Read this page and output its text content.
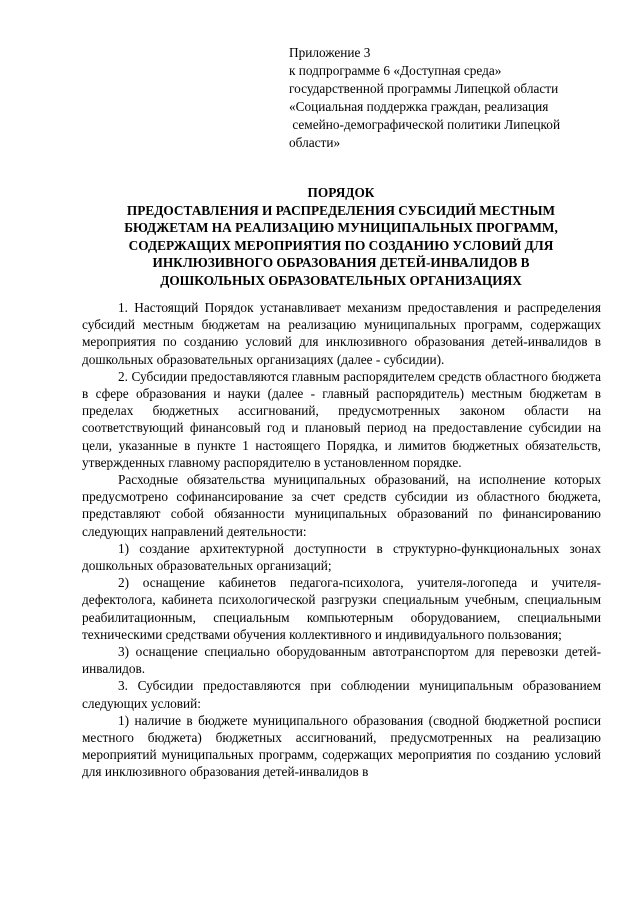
Приложение 3
к подпрограмме 6 «Доступная среда»
государственной программы Липецкой области
«Социальная поддержка граждан, реализация
семейно-демографической политики Липецкой
области»
ПОРЯДОК
ПРЕДОСТАВЛЕНИЯ И РАСПРЕДЕЛЕНИЯ СУБСИДИЙ МЕСТНЫМ
БЮДЖЕТАМ НА РЕАЛИЗАЦИЮ МУНИЦИПАЛЬНЫХ ПРОГРАММ,
СОДЕРЖАЩИХ МЕРОПРИЯТИЯ ПО СОЗДАНИЮ УСЛОВИЙ ДЛЯ
ИНКЛЮЗИВНОГО ОБРАЗОВАНИЯ ДЕТЕЙ-ИНВАЛИДОВ В
ДОШКОЛЬНЫХ ОБРАЗОВАТЕЛЬНЫХ ОРГАНИЗАЦИЯХ

1. Настоящий Порядок устанавливает механизм предоставления и распределения субсидий местным бюджетам на реализацию муниципальных программ, содержащих мероприятия по созданию условий для инклюзивного образования детей-инвалидов в дошкольных образовательных организациях (далее - субсидии).

2. Субсидии предоставляются главным распорядителем средств областного бюджета в сфере образования и науки (далее - главный распорядитель) местным бюджетам в пределах бюджетных ассигнований, предусмотренных законом области на соответствующий финансовый год и плановый период на предоставление субсидии на цели, указанные в пункте 1 настоящего Порядка, и лимитов бюджетных обязательств, утвержденных главному распорядителю в установленном порядке.

Расходные обязательства муниципальных образований, на исполнение которых предусмотрено софинансирование за счет средств субсидии из областного бюджета, представляют собой обязанности муниципальных образований по финансированию следующих направлений деятельности:

1) создание архитектурной доступности в структурно-функциональных зонах дошкольных образовательных организаций;

2) оснащение кабинетов педагога-психолога, учителя-логопеда и учителя-дефектолога, кабинета психологической разгрузки специальным учебным, специальным реабилитационным, специальным компьютерным оборудованием, специальными техническими средствами обучения коллективного и индивидуального пользования;

3) оснащение специально оборудованным автотранспортом для перевозки детей-инвалидов.

3. Субсидии предоставляются при соблюдении муниципальным образованием следующих условий:

1) наличие в бюджете муниципального образования (сводной бюджетной росписи местного бюджета) бюджетных ассигнований, предусмотренных на реализацию мероприятий муниципальных программ, содержащих мероприятия по созданию условий для инклюзивного образования детей-инвалидов в
